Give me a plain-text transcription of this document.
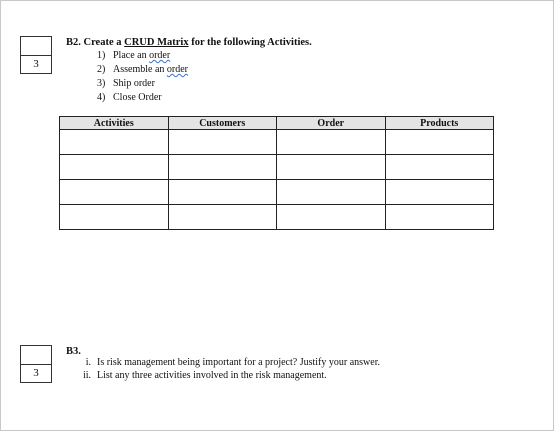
3
B2. Create a CRUD Matrix for the following Activities.
1) Place an order
2) Assemble an order
3) Ship order
4) Close Order
Activities	Customers	Order	Products

3
B3.
i. Is risk management being important for a project? Justify your answer.
ii. List any three activities involved in the risk management.
